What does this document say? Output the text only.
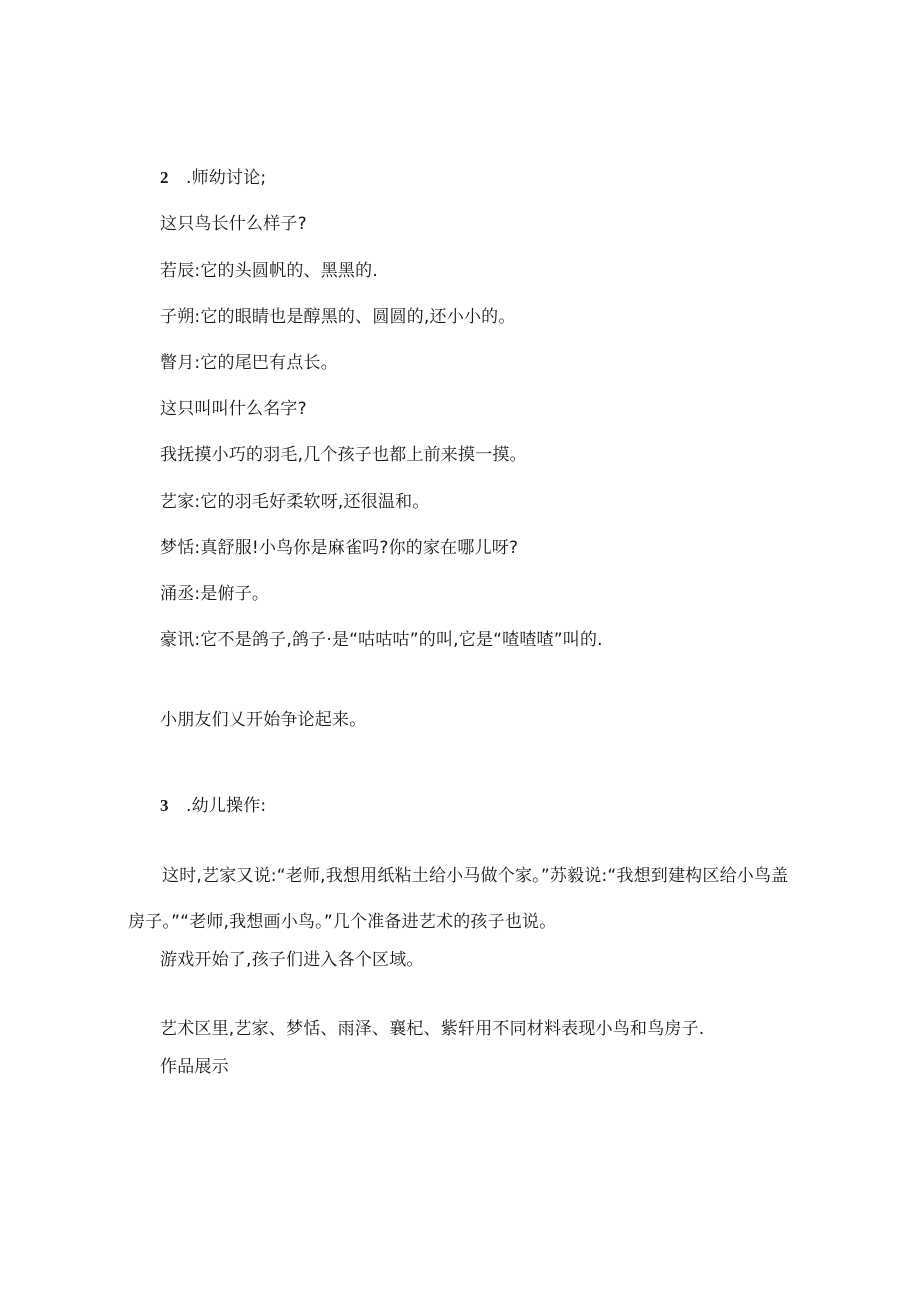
2 .师幼讨论;
这只鸟长什么样子?
若辰:它的头圆帆的、黑黑的.
子朔:它的眼睛也是醇黑的、圆圆的,还小小的。
瞥月:它的尾巴有点长。
这只叫叫什么名字?
我抚摸小巧的羽毛,几个孩子也都上前来摸一摸。
艺家:它的羽毛好柔软呀,还很温和。
梦恬:真舒服!小鸟你是麻雀吗?你的家在哪儿呀?
涌丞:是俯子。
豪讯:它不是鸽子,鸽子·是“咕咕咕”的叫,它是“喳喳喳”叫的.
小朋友们乂开始争论起来。
3 .幼儿操作:
这时,艺家又说:“老师,我想用纸粘土给小马做个家。”苏毅说:“我想到建构区给小鸟盖房子。”“老师,我想画小鸟。”几个准备进艺术的孩子也说。
游戏开始了,孩子们进入各个区域。
艺术区里,艺家、梦恬、雨泽、襄杞、紫轩用不同材料表现小鸟和鸟房子.
作品展示
